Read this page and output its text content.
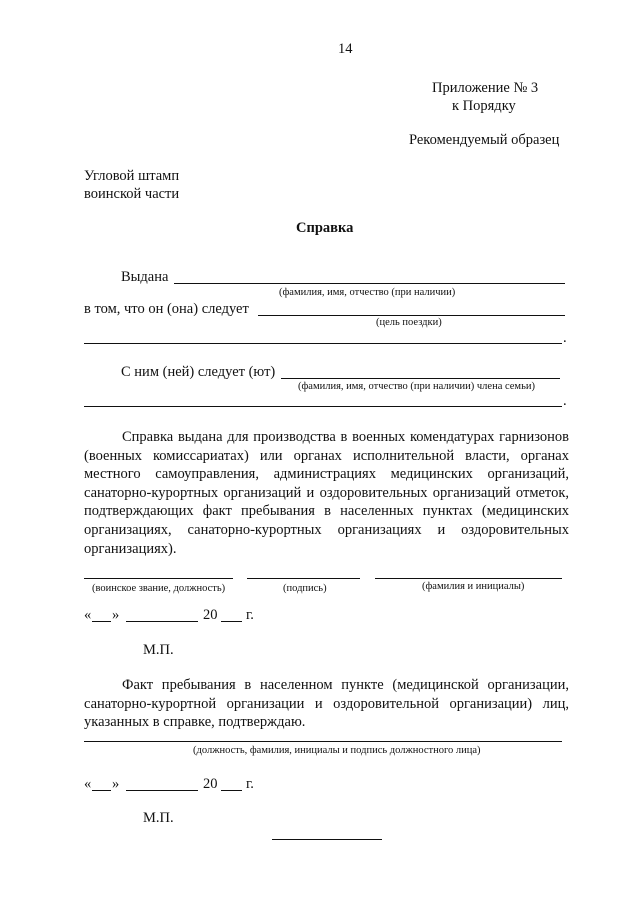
14
Приложение № 3
к Порядку
Рекомендуемый образец
Угловой штамп
воинской части
Справка
Выдана
(фамилия, имя, отчество (при наличии)
в том, что он (она) следует
(цель поездки)
.
С ним (ней) следует (ют)
(фамилия, имя, отчество (при наличии) члена семьи)
.
Справка выдана для производства в военных комендатурах гарнизонов (военных комиссариатах) или органах исполнительной власти, органах местного самоуправления, администрациях медицинских организаций, санаторно-курортных организаций и оздоровительных организаций отметок, подтверждающих факт пребывания в населенных пунктах (медицинских организациях, санаторно-курортных организациях и оздоровительных организациях).
(воинское звание, должность)	(подпись)	(фамилия и инициалы)
« »	20 г.
М.П.
Факт пребывания в населенном пункте (медицинской организации, санаторно-курортной организации и оздоровительной организации) лиц, указанных в справке, подтверждаю.
(должность, фамилия, инициалы и подпись должностного лица)
« »	20 г.
М.П.
